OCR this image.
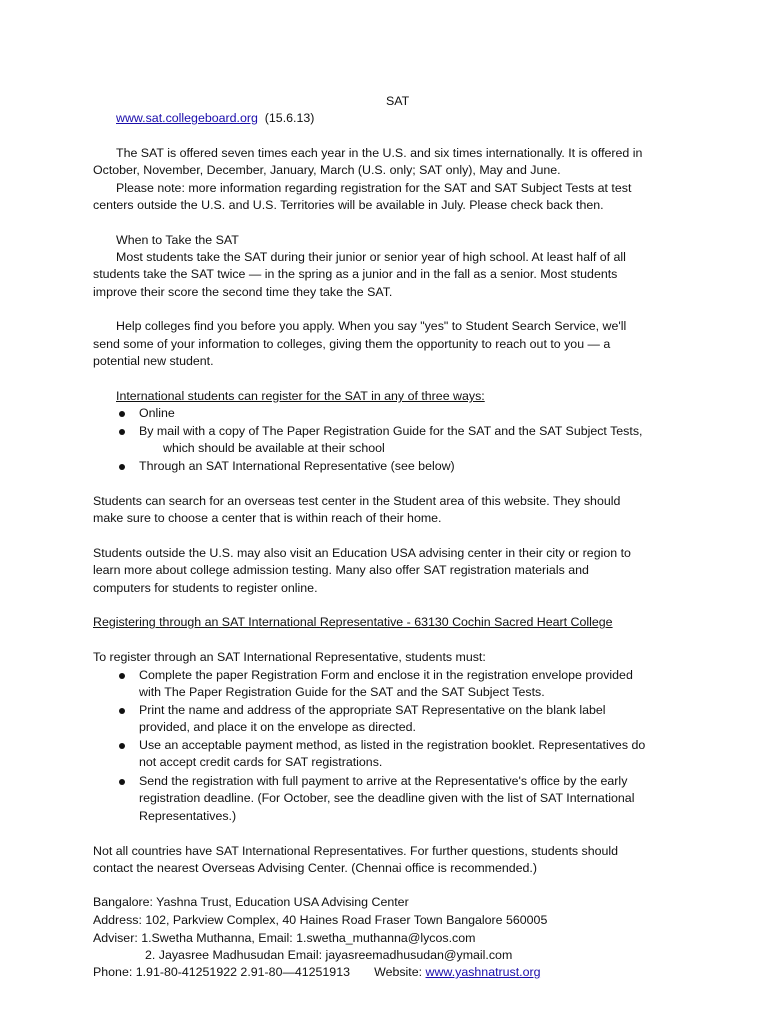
SAT
www.sat.collegeboard.org (15.6.13)
The SAT is offered seven times each year in the U.S. and six times internationally. It is offered in
October, November, December, January, March (U.S. only; SAT only), May and June.
Please note: more information regarding registration for the SAT and SAT Subject Tests at test
centers outside the U.S. and U.S. Territories will be available in July. Please check back then.
When to Take the SAT
Most students take the SAT during their junior or senior year of high school. At least half of all
students take the SAT twice — in the spring as a junior and in the fall as a senior. Most students
improve their score the second time they take the SAT.
Help colleges find you before you apply. When you say "yes" to Student Search Service, we'll
send some of your information to colleges, giving them the opportunity to reach out to you — a
potential new student.
International students can register for the SAT in any of three ways:
Online
By mail with a copy of The Paper Registration Guide for the SAT and the SAT Subject Tests,
which should be available at their school
Through an SAT International Representative (see below)
Students can search for an overseas test center in the Student area of this website. They should
make sure to choose a center that is within reach of their home.
Students outside the U.S. may also visit an Education USA advising center in their city or region to
learn more about college admission testing. Many also offer SAT registration materials and
computers for students to register online.
Registering through an SAT International Representative - 63130 Cochin Sacred Heart College
To register through an SAT International Representative, students must:
Complete the paper Registration Form and enclose it in the registration envelope provided
with The Paper Registration Guide for the SAT and the SAT Subject Tests.
Print the name and address of the appropriate SAT Representative on the blank label
provided, and place it on the envelope as directed.
Use an acceptable payment method, as listed in the registration booklet. Representatives do
not accept credit cards for SAT registrations.
Send the registration with full payment to arrive at the Representative's office by the early
registration deadline. (For October, see the deadline given with the list of SAT International
Representatives.)
Not all countries have SAT International Representatives. For further questions, students should
contact the nearest Overseas Advising Center. (Chennai office is recommended.)
Bangalore: Yashna Trust, Education USA Advising Center
Address: 102, Parkview Complex, 40 Haines Road Fraser Town Bangalore 560005
Adviser: 1.Swetha Muthanna, Email: 1.swetha_muthanna@lycos.com
2. Jayasree Madhusudan Email: jayasreemadhusudan@ymail.com
Phone: 1.91-80-41251922 2.91-80—41251913 Website: www.yashnatrust.org
